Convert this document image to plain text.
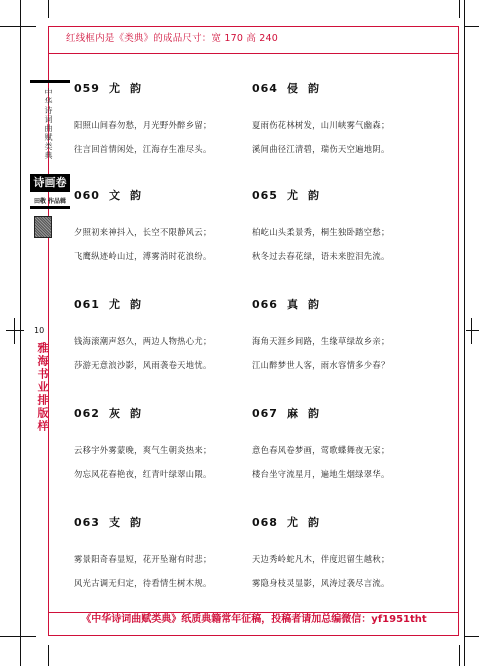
红线框内是《类典》的成品尺寸：宽 170 高 240
中华诗词曲赋类典
诗画卷
田敬 作品辑
10
雅海书业排版样
059 尤 韵
阳照山间春勿愁，月光野外醉乡留；
往言回首情闲处，江海存生准尽头。
060 文 韵
夕照初来神抖入，长空不限静风云；
飞鹰纵迹岭山过，溥雾消时花浪纷。
061 尤 韵
钱海滚潮声怒久，两边人物热心尤；
莎游无意浪沙影，风雨袭卷天地忧。
062 灰 韵
云移宇外雾蒙晚，爽气生朝炎热来；
勿忘风花春艳夜，红青叶绿翠山隈。
063 支 韵
雾景阳奇春显短，花开坠谢有时悲；
风光古调无归定，待看情生树木规。
064 侵 韵
夏雨伤花林树发，山川峡雾气幽森；
溪间曲径江清碧，瑞伤天空遍地阴。
065 尤 韵
柏屹山头柔景秀，桐生独卧踏空愁；
秋冬过去春花绿，语未来腔泪先流。
066 真 韵
海角天涯乡间路，生缘草绿故乡亲；
江山醉梦世人客，雨水容情多少春？
067 麻 韵
意色春风卷梦画，莺歌蝶舞夜无家；
楼台坐守流星月，遍地生烟绿翠华。
068 尤 韵
天边秀岭蛇凡木，伴度迟留生越秋；
雾隐身枝灵显影，风涛过袭尽言流。
《中华诗词曲赋类典》纸质典籍常年征稿，投稿者请加总编微信：yf1951tht
